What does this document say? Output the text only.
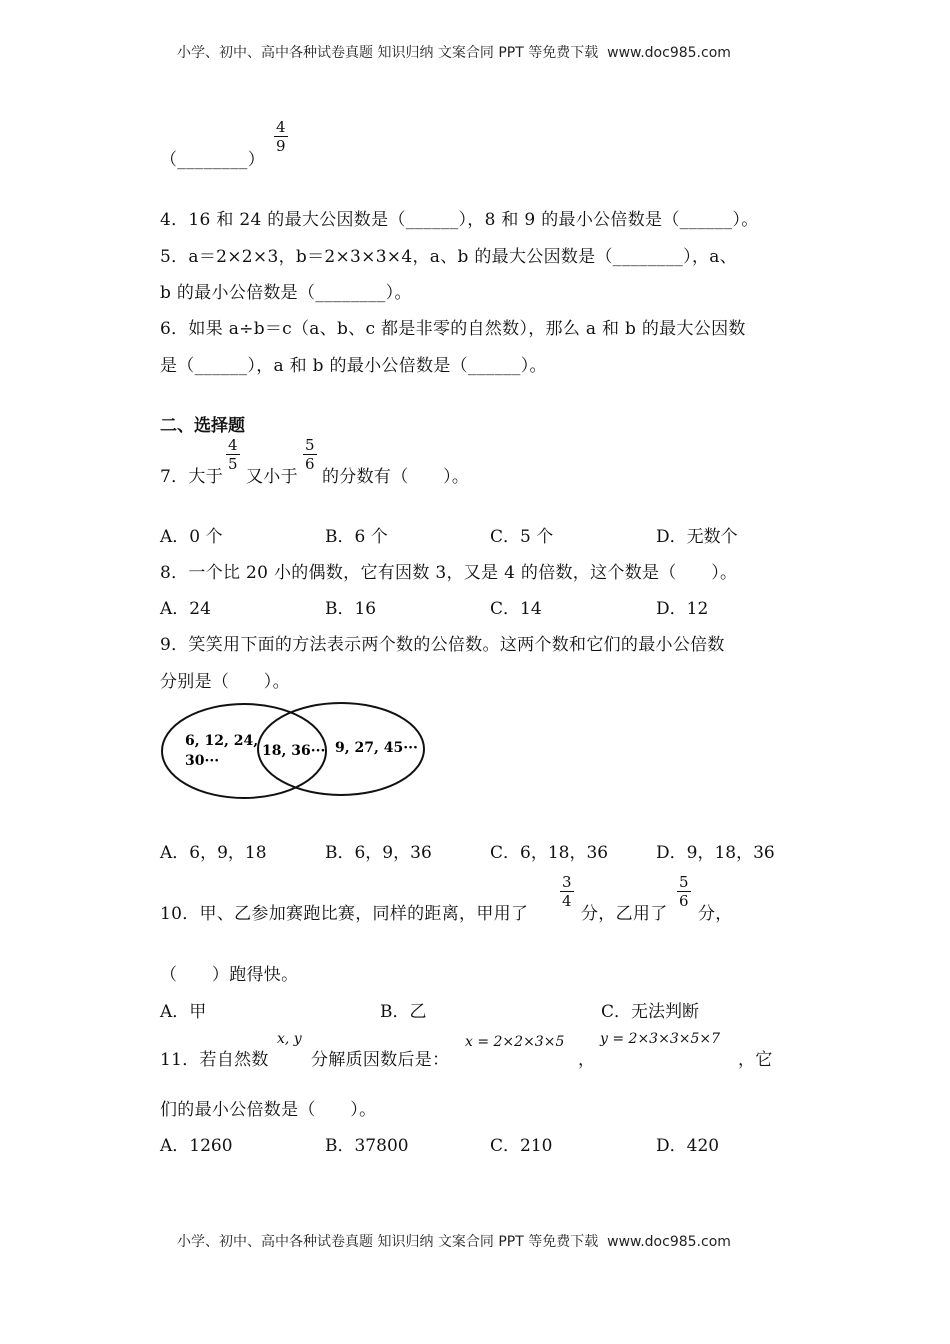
小学、初中、高中各种试卷真题 知识归纳 文案合同 PPT 等免费下载 www.doc985.com
（________）
$\frac{4}{9}$
4．16 和 24 的最大公因数是（______），8 和 9 的最小公倍数是（______）。
5．a＝2×2×3，b＝2×3×3×4，a、b 的最大公因数是（________），a、
b 的最小公倍数是（________）。
6．如果 a÷b＝c（a、b、c 都是非零的自然数），那么 a 和 b 的最大公因数
是（______），a 和 b 的最小公倍数是（______）。
二、选择题
7．大于
$\frac{4}{5}$
又小于
$\frac{5}{6}$
的分数有（　　）。
A．0 个	B．6 个	C．5 个	D．无数个
8．一个比 20 小的偶数，它有因数 3，又是 4 的倍数，这个数是（　　）。
A．24	B．16	C．14	D．12
9．笑笑用下面的方法表示两个数的公倍数。这两个数和它们的最小公倍数
分别是（　　）。
6, 12, 24,
30···
18, 36··· 9, 27, 45···
A．6，9，18	B．6，9，36	C．6，18，36	D．9，18，36
10．甲、乙参加赛跑比赛，同样的距离，甲用了
$\frac{3}{4}$
分，乙用了
$\frac{5}{6}$
分，
（　　）跑得快。
A．甲	B．乙	C．无法判断
11．若自然数
x, y
分解质因数后是：
x = 2×2×3×5
，
y = 2×3×3×5×7
，它
们的最小公倍数是（　　）。
A．1260	B．37800	C．210	D．420
小学、初中、高中各种试卷真题 知识归纳 文案合同 PPT 等免费下载 www.doc985.com
